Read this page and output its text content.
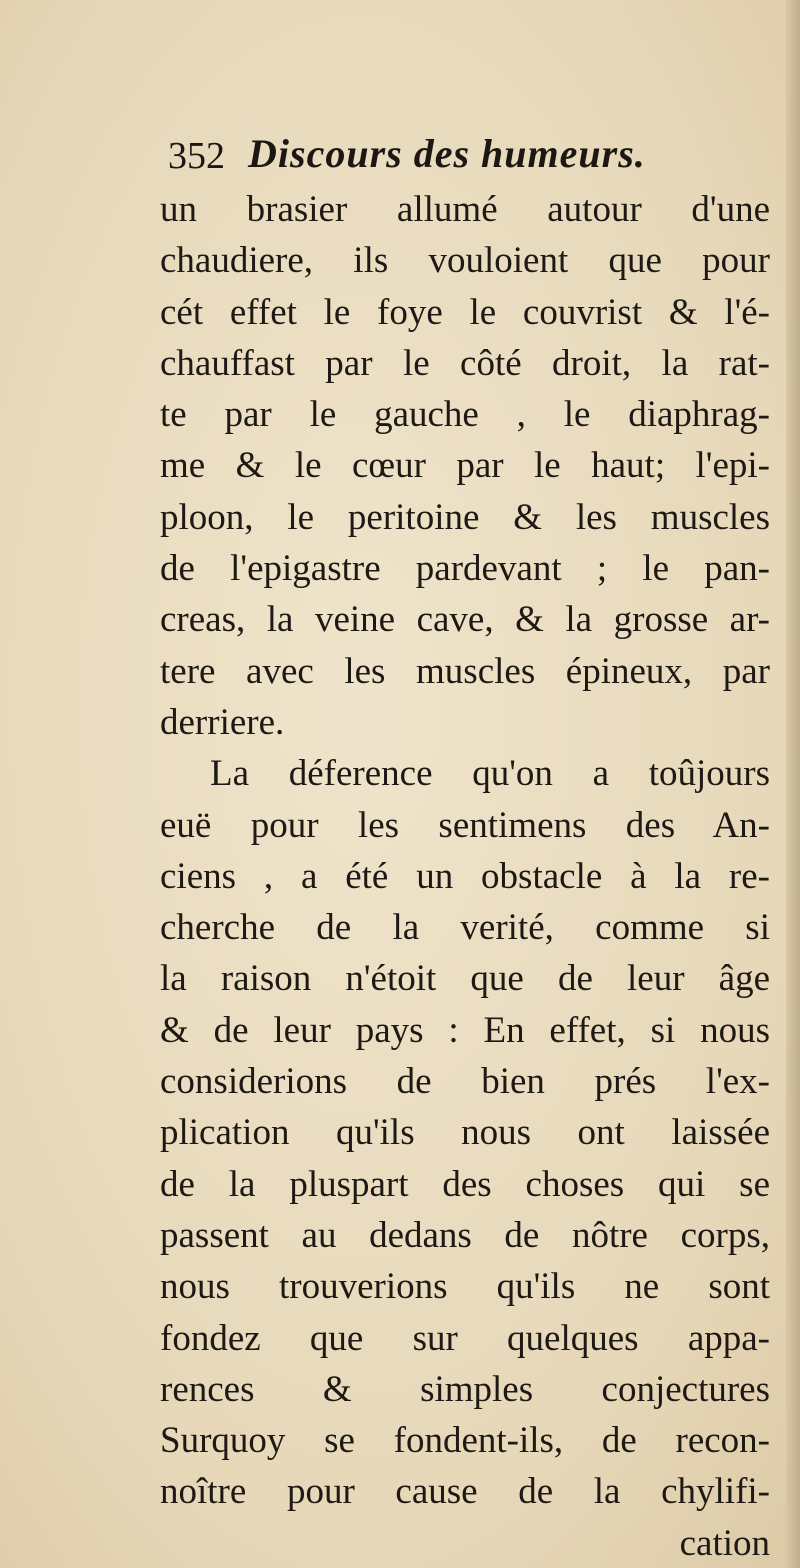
352 Discours des humeurs.
un brasier allumé autour d'une
chaudiere, ils vouloient que pour
cét effet le foye le couvrist & l'é-
chauffast par le côté droit, la rat-
te par le gauche , le diaphrag-
me & le cœur par le haut; l'epi-
ploon, le peritoine & les muscles
de l'epigastre pardevant ; le pan-
creas, la veine cave, & la grosse ar-
tere avec les muscles épineux, par
derriere.
La déference qu'on a toûjours
euë pour les sentimens des An-
ciens , a été un obstacle à la re-
cherche de la verité, comme si
la raison n'étoit que de leur âge
& de leur pays : En effet, si nous
considerions de bien prés l'ex-
plication qu'ils nous ont laissée
de la pluspart des choses qui se
passent au dedans de nôtre corps,
nous trouverions qu'ils ne sont
fondez que sur quelques appa-
rences & simples conjectures
Surquoy se fondent-ils, de recon-
noître pour cause de la chylifi-
cation
